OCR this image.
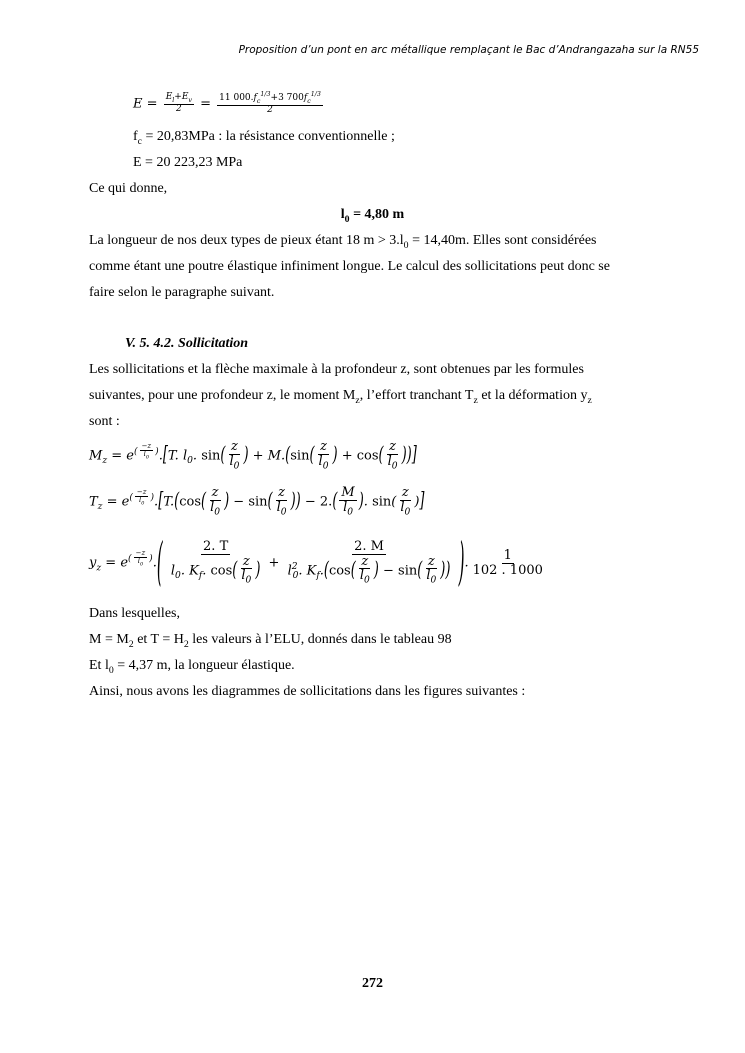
Proposition d’un pont en arc métallique remplaçant le Bac d’Andrangazaha sur la RN55
$E = \frac{E_l+E_v}{2} = \frac{11 000.f_c^{1/3}+3 700f_c^{1/3}}{2}$
$f_c = 20,83MPa$ : la résistance conventionnelle ;
E = 20 223,23 MPa
Ce qui donne,
$l_0 = 4,80$ m
La longueur de nos deux types de pieux étant 18 $m > 3.l_0 = 14,40m$. Elles sont considérées
comme étant une poutre élastique infiniment longue. Le calcul des sollicitations peut donc se
faire selon le paragraphe suivant.
V. 5. 4.2. Sollicitation
Les sollicitations et la flèche maximale à la profondeur z, sont obtenues par les formules
suivantes, pour une profondeur z, le moment $M_z$, l’effort tranchant $T_z$ et la déformation $y_z$
sont :
$M_z = e^{( \frac{-z}{l_0} )}.[T$. $l_0$. $\sin( \frac{z}{l_0}$ ) + $M.(\sin( \frac{z}{l_0}$ ) + $\cos( \frac{z}{l_0}$ ))]
$T_z = e^{( \frac{-z}{l_0} )}.[T.(\cos( \frac{z}{l_0}$ ) − $\sin( \frac{z}{l_0}$ )) − $2.( \frac{M}{l_0}$ ). $\sin( \frac{z}{l_0}$ )]
$y_z = e^{( \frac{-z}{l_0} )}.( \frac{2. T}{l_0. K_f. \cos( \frac{z}{l_0} )} + \frac{2. M}{l^2_0. K_f.(\cos( \frac{z}{l_0} ) - \sin( \frac{z}{l_0} ))}$ ). $\frac{1}{102 . 1000}$
Dans lesquelles,
$M = M_2$ et $T = H_2$ les valeurs à l’ELU, donnés dans le tableau 98
Et $l_0 = 4,37$ m, la longueur élastique.
Ainsi, nous avons les diagrammes de sollicitations dans les figures suivantes :
272
